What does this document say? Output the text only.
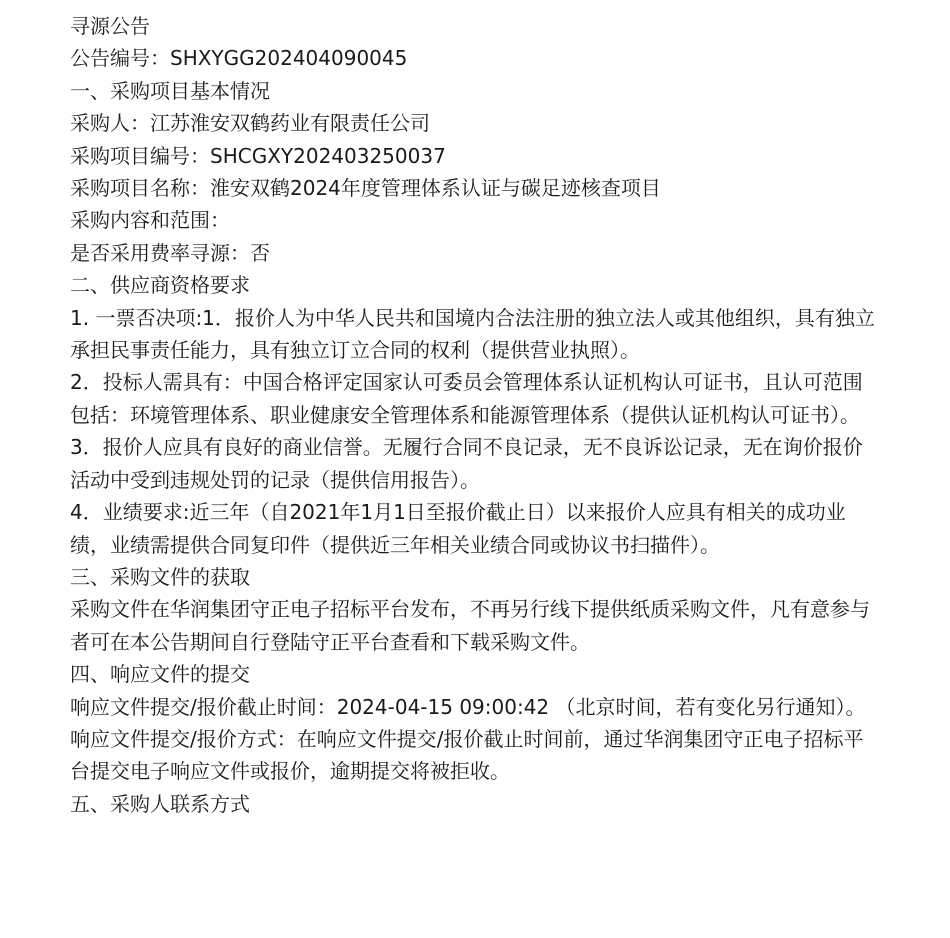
寻源公告

公告编号：SHXYGG202404090045

一、采购项目基本情况

采购人：江苏淮安双鹤药业有限责任公司

采购项目编号：SHCGXY202403250037

采购项目名称：淮安双鹤2024年度管理体系认证与碳足迹核查项目

采购内容和范围：

是否采用费率寻源：否

二、供应商资格要求

1. 一票否决项:1．报价人为中华人民共和国境内合法注册的独立法人或其他组织，具有独立承担民事责任能力，具有独立订立合同的权利（提供营业执照）。

2．投标人需具有：中国合格评定国家认可委员会管理体系认证机构认可证书，且认可范围包括：环境管理体系、职业健康安全管理体系和能源管理体系（提供认证机构认可证书）。

3．报价人应具有良好的商业信誉。无履行合同不良记录，无不良诉讼记录，无在询价报价活动中受到违规处罚的记录（提供信用报告）。

4．业绩要求:近三年（自2021年1月1日至报价截止日）以来报价人应具有相关的成功业绩，业绩需提供合同复印件（提供近三年相关业绩合同或协议书扫描件）。

三、采购文件的获取

采购文件在华润集团守正电子招标平台发布，不再另行线下提供纸质采购文件，凡有意参与者可在本公告期间自行登陆守正平台查看和下载采购文件。

四、响应文件的提交

响应文件提交/报价截止时间：2024-04-15 09:00:42 （北京时间，若有变化另行通知）。

响应文件提交/报价方式：在响应文件提交/报价截止时间前，通过华润集团守正电子招标平台提交电子响应文件或报价，逾期提交将被拒收。

五、采购人联系方式
